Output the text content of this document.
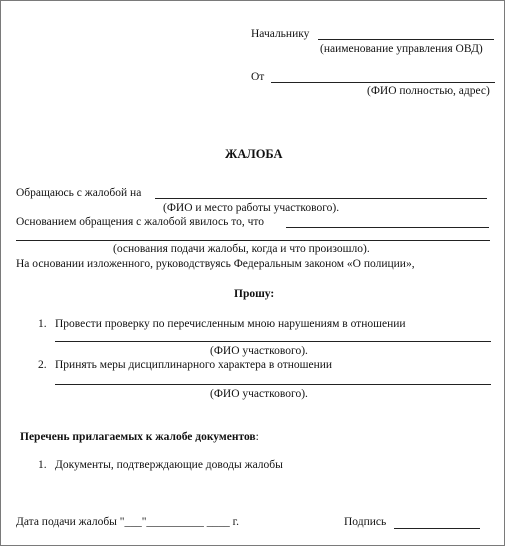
Начальнику
(наименование управления ОВД)
От
(ФИО полностью, адрес)
ЖАЛОБА
Обращаюсь с жалобой на
(ФИО и место работы участкового).
Основанием обращения с жалобой явилось то, что
(основания подачи жалобы, когда и что произошло).
На основании изложенного, руководствуясь Федеральным законом «О полиции»,
Прошу:
1. Провести проверку по перечисленным мною нарушениям в отношении
(ФИО участкового).
2. Принять меры дисциплинарного характера в отношении
(ФИО участкового).
Перечень прилагаемых к жалобе документов:
1. Документы, подтверждающие доводы жалобы
Дата подачи жалобы "___"__________ ____ г.	Подпись
